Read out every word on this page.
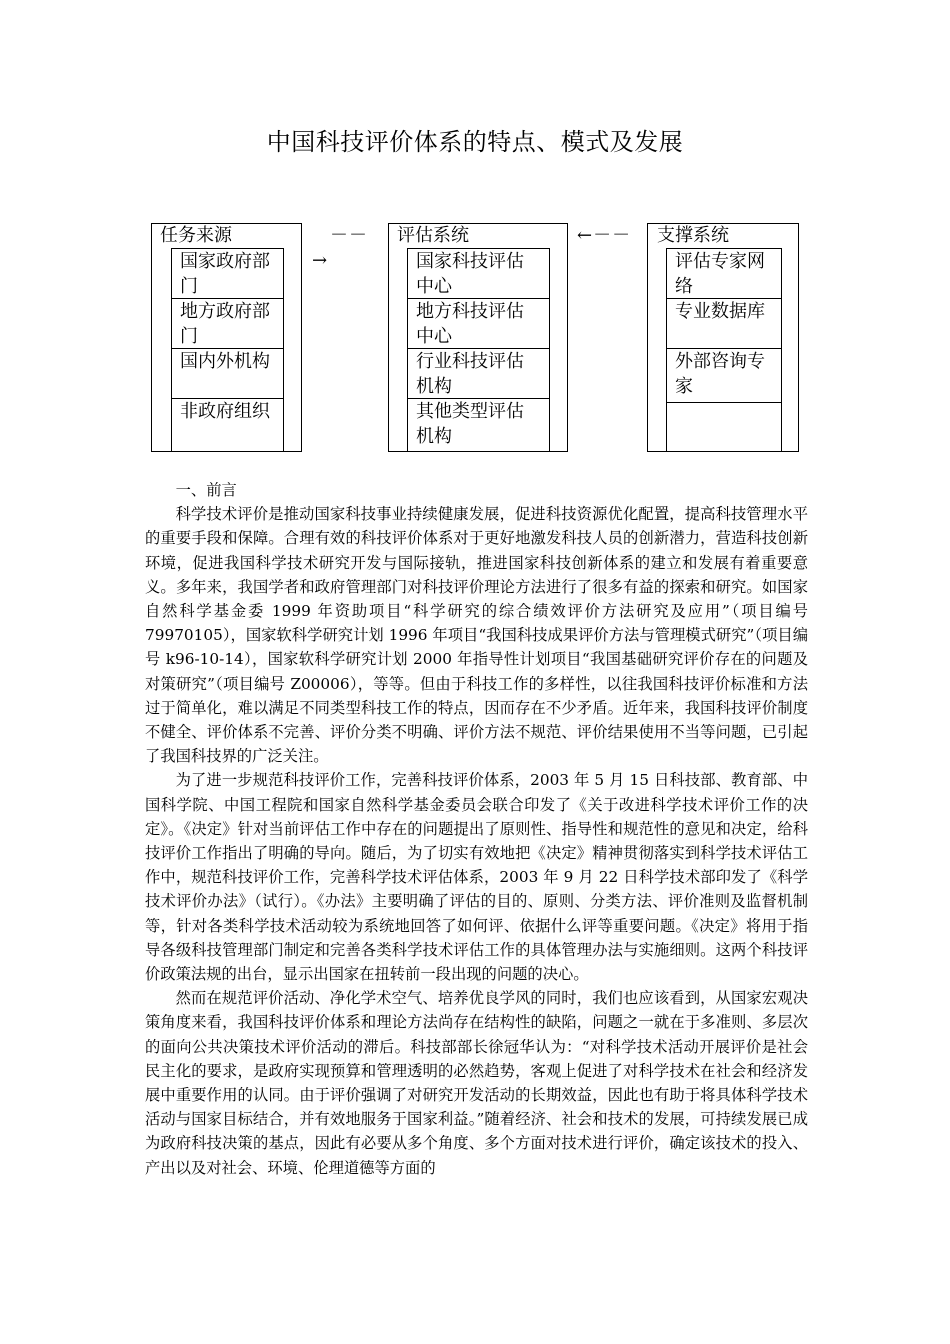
中国科技评价体系的特点、模式及发展
任务来源
国家政府部门
地方政府部门
国内外机构
非政府组织
－－
→
评估系统
国家科技评估中心
地方科技评估中心
行业科技评估机构
其他类型评估机构
←－－ 支撑系统
评估专家网络
专业数据库
外部咨询专家

一、前言

科学技术评价是推动国家科技事业持续健康发展，促进科技资源优化配置，提高科技管理水平的重要手段和保障。合理有效的科技评价体系对于更好地激发科技人员的创新潜力，营造科技创新环境，促进我国科学技术研究开发与国际接轨，推进国家科技创新体系的建立和发展有着重要意义。多年来，我国学者和政府管理部门对科技评价理论方法进行了很多有益的探索和研究。如国家自然科学基金委 1999 年资助项目“科学研究的综合绩效评价方法研究及应用”（项目编号 79970105），国家软科学研究计划 1996 年项目“我国科技成果评价方法与管理模式研究”（项目编号 k96-10-14），国家软科学研究计划 2000 年指导性计划项目“我国基础研究评价存在的问题及对策研究”（项目编号 Z00006），等等。但由于科技工作的多样性，以往我国科技评价标准和方法过于简单化，难以满足不同类型科技工作的特点，因而存在不少矛盾。近年来，我国科技评价制度不健全、评价体系不完善、评价分类不明确、评价方法不规范、评价结果使用不当等问题，已引起了我国科技界的广泛关注。

为了进一步规范科技评价工作，完善科技评价体系，2003 年 5 月 15 日科技部、教育部、中国科学院、中国工程院和国家自然科学基金委员会联合印发了《关于改进科学技术评价工作的决定》。《决定》针对当前评估工作中存在的问题提出了原则性、指导性和规范性的意见和决定，给科技评价工作指出了明确的导向。随后，为了切实有效地把《决定》精神贯彻落实到科学技术评估工作中，规范科技评价工作，完善科学技术评估体系，2003 年 9 月 22 日科学技术部印发了《科学技术评价办法》（试行）。《办法》主要明确了评估的目的、原则、分类方法、评价准则及监督机制等，针对各类科学技术活动较为系统地回答了如何评、依据什么评等重要问题。《决定》将用于指导各级科技管理部门制定和完善各类科学技术评估工作的具体管理办法与实施细则。这两个科技评价政策法规的出台，显示出国家在扭转前一段出现的问题的决心。

然而在规范评价活动、净化学术空气、培养优良学风的同时，我们也应该看到，从国家宏观决策角度来看，我国科技评价体系和理论方法尚存在结构性的缺陷，问题之一就在于多准则、多层次的面向公共决策技术评价活动的滞后。科技部部长徐冠华认为：“对科学技术活动开展评价是社会民主化的要求，是政府实现预算和管理透明的必然趋势，客观上促进了对科学技术在社会和经济发展中重要作用的认同。由于评价强调了对研究开发活动的长期效益，因此也有助于将具体科学技术活动与国家目标结合，并有效地服务于国家利益。”随着经济、社会和技术的发展，可持续发展已成为政府科技决策的基点，因此有必要从多个角度、多个方面对技术进行评价，确定该技术的投入、产出以及对社会、环境、伦理道德等方面的
